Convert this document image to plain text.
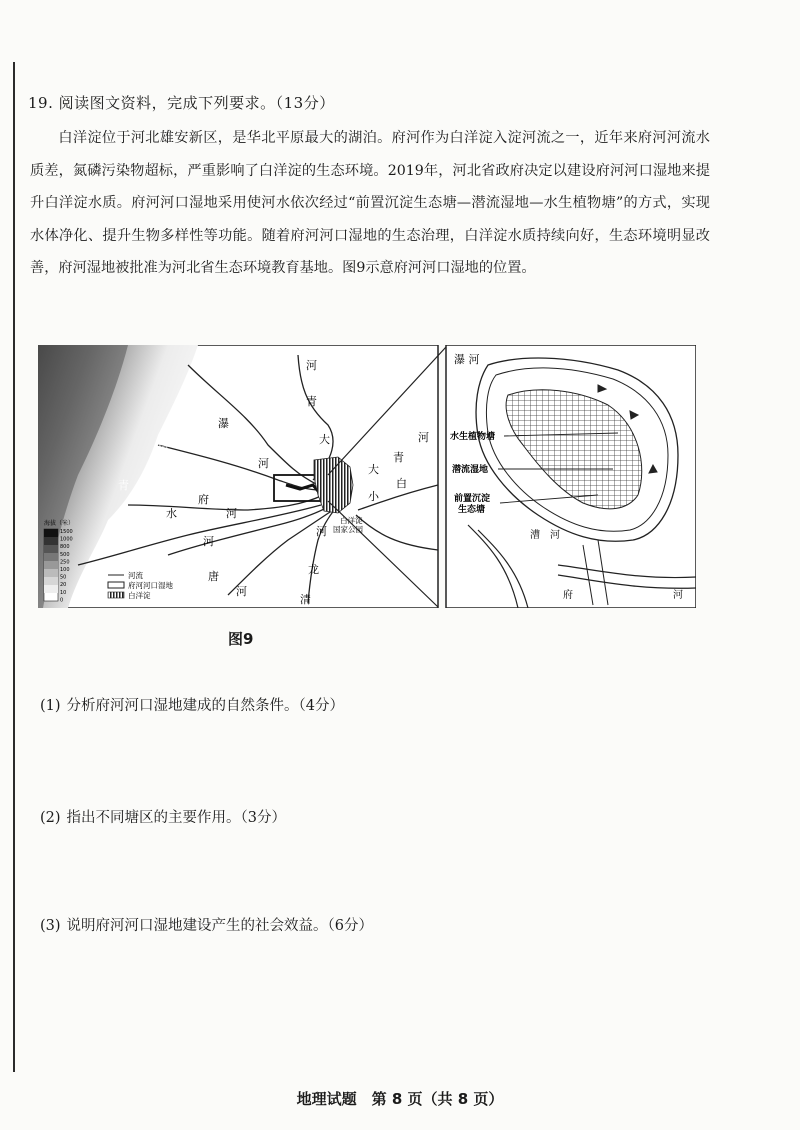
19. 阅读图文资料，完成下列要求。（13分）

白洋淀位于河北雄安新区，是华北平原最大的湖泊。府河作为白洋淀入淀河流之一，近年来府河河流水质差，氮磷污染物超标，严重影响了白洋淀的生态环境。2019年，河北省政府决定以建设府河河口湿地来提升白洋淀水质。府河河口湿地采用使河水依次经过“前置沉淀生态塘—潜流湿地—水生植物塘”的方式，实现水体净化、提升生物多样性等功能。随着府河河口湿地的生态治理，白洋淀水质持续向好，生态环境明显改善，府河湿地被批准为河北省生态环境教育基地。图9示意府河河口湿地的位置。

河
青
大
瀑
河
渲
青
府
河
水
河
唐
河
龙
清
河
大
小
青
白
河
白洋淀国家公园
海拔（米）
1500
1000
800
500
250
100
50
20
10
0
河流
府河河口湿地
白洋淀
瀑 河
水生植物塘
潜流湿地
前置沉淀生态塘
漕 河
府	河
图9
(1) 分析府河河口湿地建成的自然条件。（4分）
(2) 指出不同塘区的主要作用。（3分）
(3) 说明府河河口湿地建设产生的社会效益。（6分）
地理试题　第 8 页（共 8 页）
